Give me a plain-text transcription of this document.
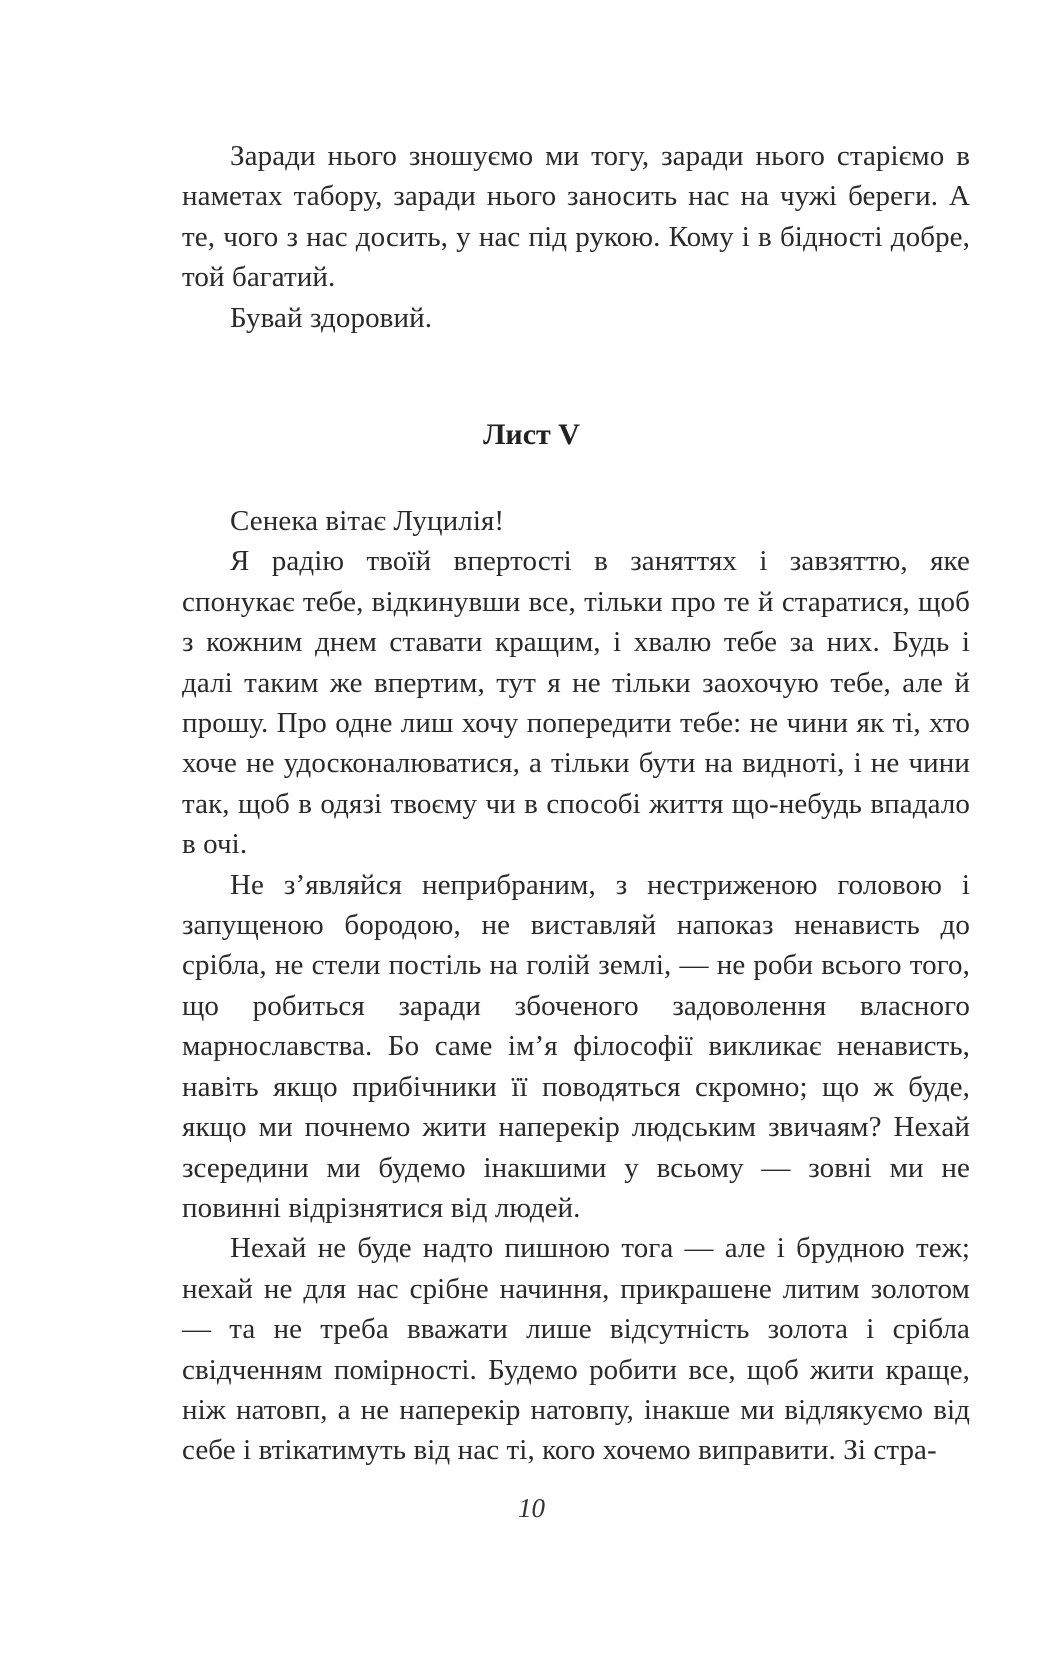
Заради нього зношуємо ми тогу, заради нього старіємо в наметах табору, заради нього заносить нас на чужі береги. А те, чого з нас досить, у нас під рукою. Кому і в бідності добре, той багатий.

Бувай здоровий.

Лист V

Сенека вітає Луцилія!

Я радію твоїй впертості в заняттях і завзяттю, яке спонукає тебе, відкинувши все, тільки про те й старатися, щоб з кожним днем ставати кращим, і хвалю тебе за них. Будь і далі таким же впертим, тут я не тільки заохочую тебе, але й прошу. Про одне лиш хочу попередити тебе: не чини як ті, хто хоче не удосконалюватися, а тільки бути на видноті, і не чини так, щоб в одязі твоєму чи в способі життя що-небудь впадало в очі.

Не з’являйся неприбраним, з нестриженою головою і запущеною бородою, не виставляй напоказ ненависть до срібла, не стели постіль на голій землі, — не роби всього того, що робиться заради збоченого задоволення власного марнославства. Бо саме ім’я філософії викликає ненависть, навіть якщо прибічники її поводяться скромно; що ж буде, якщо ми почнемо жити наперекір людським звичаям? Нехай зсередини ми будемо інакшими у всьому — зовні ми не повинні відрізнятися від людей.

Нехай не буде надто пишною тога — але і брудною теж; нехай не для нас срібне начиння, прикрашене литим золотом — та не треба вважати лише відсутність золота і срібла свідченням помірності. Будемо робити все, щоб жити краще, ніж натовп, а не наперекір натовпу, інакше ми відлякуємо від себе і втікатимуть від нас ті, кого хочемо виправити. Зі стра-

10
